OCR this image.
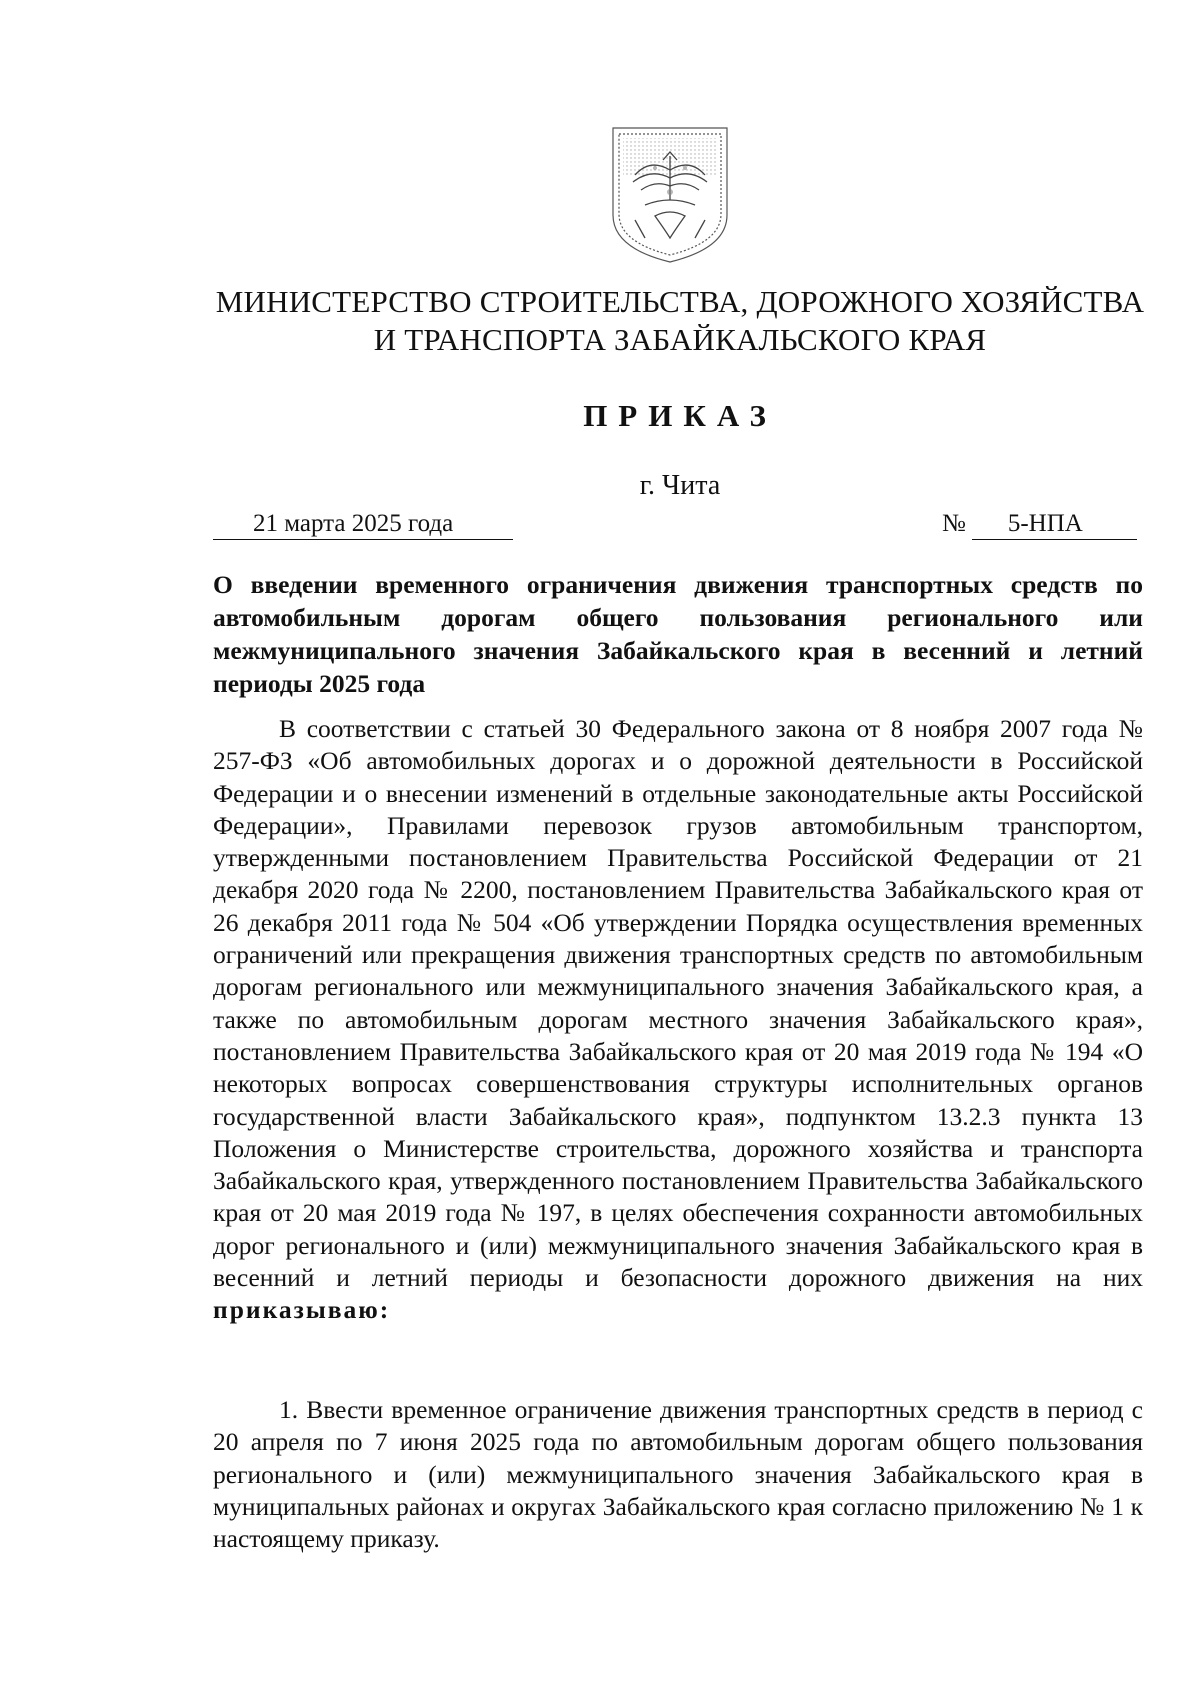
МИНИСТЕРСТВО СТРОИТЕЛЬСТВА, ДОРОЖНОГО ХОЗЯЙСТВА
И ТРАНСПОРТА ЗАБАЙКАЛЬСКОГО КРАЯ
ПРИКАЗ
г. Чита
21 марта 2025 года	№	5-НПА
О введении временного ограничения движения транспортных средств по автомобильным дорогам общего пользования регионального или межмуниципального значения Забайкальского края в весенний и летний периоды 2025 года

В соответствии с статьей 30 Федерального закона от 8 ноября 2007 года № 257-ФЗ «Об автомобильных дорогах и о дорожной деятельности в Российской Федерации и о внесении изменений в отдельные законодательные акты Российской Федерации», Правилами перевозок грузов автомобильным транспортом, утвержденными постановлением Правительства Российской Федерации от 21 декабря 2020 года № 2200, постановлением Правительства Забайкальского края от 26 декабря 2011 года № 504 «Об утверждении Порядка осуществления временных ограничений или прекращения движения транспортных средств по автомобильным дорогам регионального или межмуниципального значения Забайкальского края, а также по автомобильным дорогам местного значения Забайкальского края», постановлением Правительства Забайкальского края от 20 мая 2019 года № 194 «О некоторых вопросах совершенствования структуры исполнительных органов государственной власти Забайкальского края», подпунктом 13.2.3 пункта 13 Положения о Министерстве строительства, дорожного хозяйства и транспорта Забайкальского края, утвержденного постановлением Правительства Забайкальского края от 20 мая 2019 года № 197, в целях обеспечения сохранности автомобильных дорог регионального и (или) межмуниципального значения Забайкальского края в весенний и летний периоды и безопасности дорожного движения на них приказываю:

1. Ввести временное ограничение движения транспортных средств в период с 20 апреля по 7 июня 2025 года по автомобильным дорогам общего пользования регионального и (или) межмуниципального значения Забайкальского края в муниципальных районах и округах Забайкальского края согласно приложению № 1 к настоящему приказу.
